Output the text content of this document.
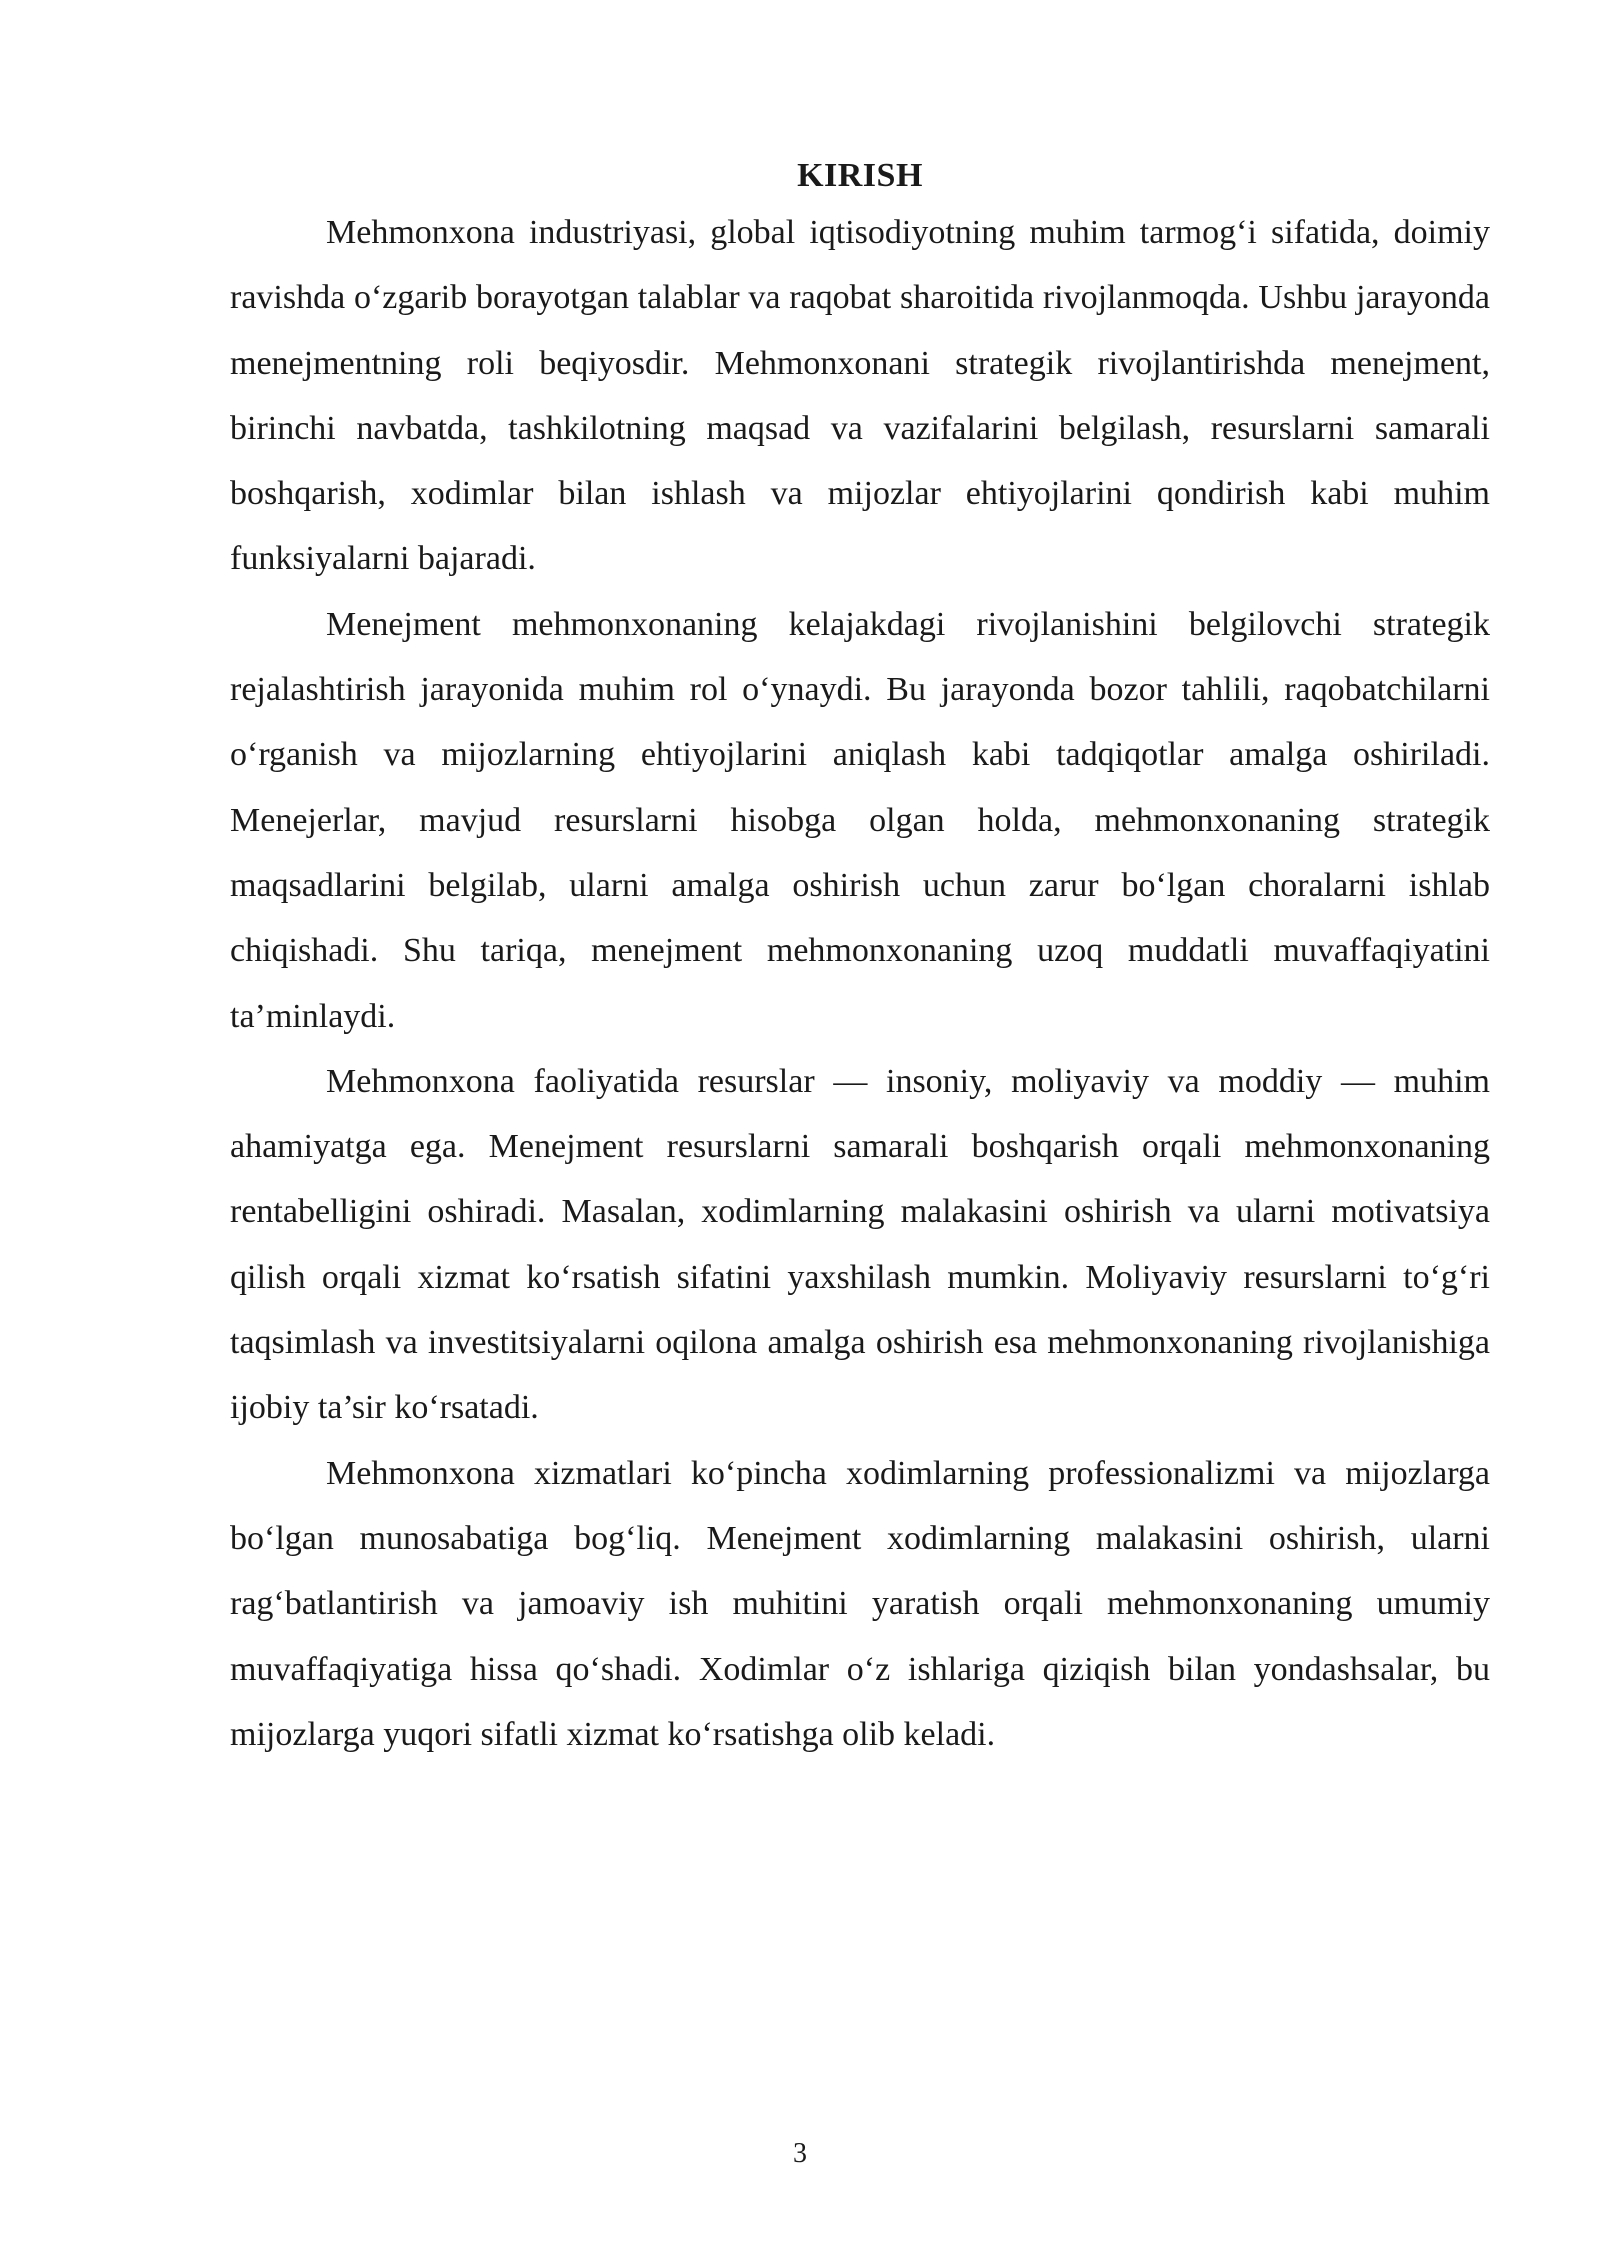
KIRISH

Mehmonxona industriyasi, global iqtisodiyotning muhim tarmog‘i sifatida, doimiy ravishda o‘zgarib borayotgan talablar va raqobat sharoitida rivojlanmoqda. Ushbu jarayonda menejmentning roli beqiyosdir. Mehmonxonani strategik rivojlantirishda menejment, birinchi navbatda, tashkilotning maqsad va vazifalarini belgilash, resurslarni samarali boshqarish, xodimlar bilan ishlash va mijozlar ehtiyojlarini qondirish kabi muhim funksiyalarni bajaradi.

Menejment mehmonxonaning kelajakdagi rivojlanishini belgilovchi strategik rejalashtirish jarayonida muhim rol o‘ynaydi. Bu jarayonda bozor tahlili, raqobatchilarni o‘rganish va mijozlarning ehtiyojlarini aniqlash kabi tadqiqotlar amalga oshiriladi. Menejerlar, mavjud resurslarni hisobga olgan holda, mehmonxonaning strategik maqsadlarini belgilab, ularni amalga oshirish uchun zarur bo‘lgan choralarni ishlab chiqishadi. Shu tariqa, menejment mehmonxonaning uzoq muddatli muvaffaqiyatini ta’minlaydi.

Mehmonxona faoliyatida resurslar — insoniy, moliyaviy va moddiy — muhim ahamiyatga ega. Menejment resurslarni samarali boshqarish orqali mehmonxonaning rentabelligini oshiradi. Masalan, xodimlarning malakasini oshirish va ularni motivatsiya qilish orqali xizmat ko‘rsatish sifatini yaxshilash mumkin. Moliyaviy resurslarni to‘g‘ri taqsimlash va investitsiyalarni oqilona amalga oshirish esa mehmonxonaning rivojlanishiga ijobiy ta’sir ko‘rsatadi.

Mehmonxona xizmatlari ko‘pincha xodimlarning professionalizmi va mijozlarga bo‘lgan munosabatiga bog‘liq. Menejment xodimlarning malakasini oshirish, ularni rag‘batlantirish va jamoaviy ish muhitini yaratish orqali mehmonxonaning umumiy muvaffaqiyatiga hissa qo‘shadi. Xodimlar o‘z ishlariga qiziqish bilan yondashsalar, bu mijozlarga yuqori sifatli xizmat ko‘rsatishga olib keladi.

3
